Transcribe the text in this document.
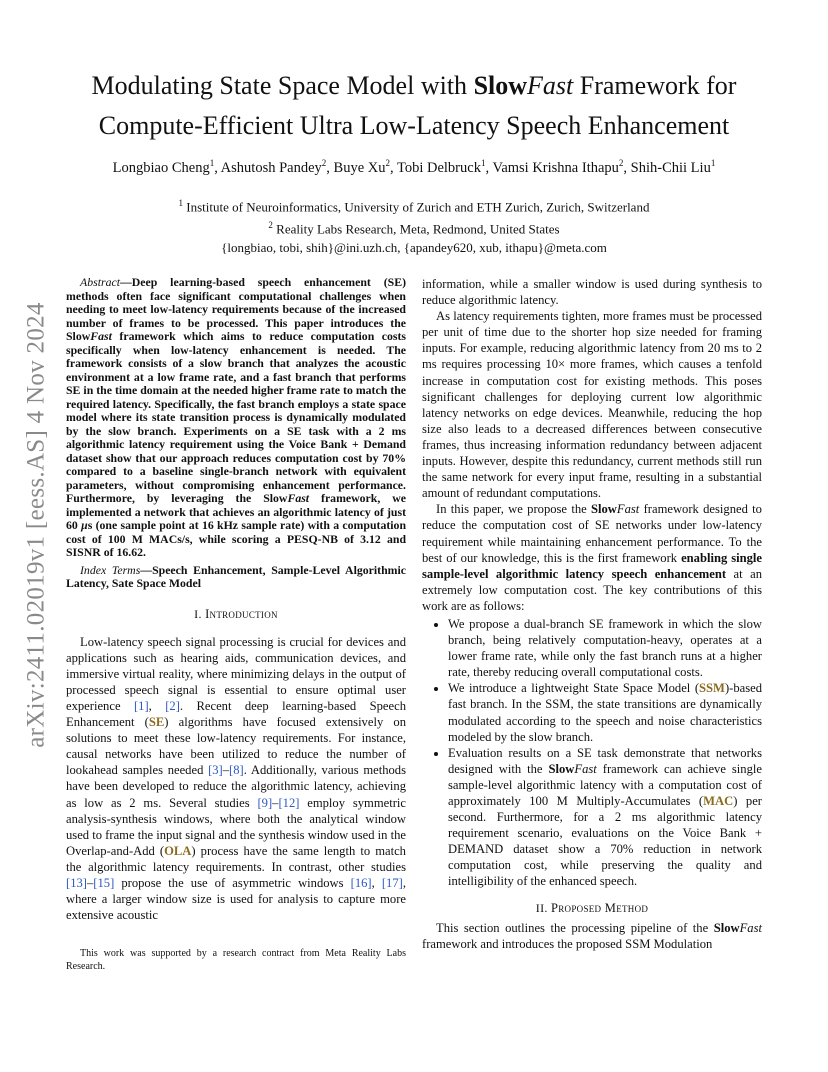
arXiv:2411.02019v1 [eess.AS] 4 Nov 2024
Modulating State Space Model with SlowFast Framework for
Compute-Efficient Ultra Low-Latency Speech Enhancement
Longbiao Cheng$^1$, Ashutosh Pandey$^2$, Buye Xu$^2$, Tobi Delbruck$^1$, Vamsi Krishna Ithapu$^2$, Shih-Chii Liu$^1$
$^1$ Institute of Neuroinformatics, University of Zurich and ETH Zurich, Zurich, Switzerland
$^2$ Reality Labs Research, Meta, Redmond, United States
{longbiao, tobi, shih}@ini.uzh.ch, {apandey620, xub, ithapu}@meta.com

Abstract—Deep learning-based speech enhancement (SE) methods often face significant computational challenges when needing to meet low-latency requirements because of the increased number of frames to be processed. This paper introduces the SlowFast framework which aims to reduce computation costs specifically when low-latency enhancement is needed. The framework consists of a slow branch that analyzes the acoustic environment at a low frame rate, and a fast branch that performs SE in the time domain at the needed higher frame rate to match the required latency. Specifically, the fast branch employs a state space model where its state transition process is dynamically modulated by the slow branch. Experiments on a SE task with a 2 ms algorithmic latency requirement using the Voice Bank + Demand dataset show that our approach reduces computation cost by 70% compared to a baseline single-branch network with equivalent parameters, without compromising enhancement performance. Furthermore, by leveraging the SlowFast framework, we implemented a network that achieves an algorithmic latency of just 60 μs (one sample point at 16 kHz sample rate) with a computation cost of 100 M MACs/s, while scoring a PESQ-NB of 3.12 and SISNR of 16.62.

Index Terms—Speech Enhancement, Sample-Level Algorithmic Latency, Sate Space Model

I. Introduction

Low-latency speech signal processing is crucial for devices and applications such as hearing aids, communication devices, and immersive virtual reality, where minimizing delays in the output of processed speech signal is essential to ensure optimal user experience [1], [2]. Recent deep learning-based Speech Enhancement (SE) algorithms have focused extensively on solutions to meet these low-latency requirements. For instance, causal networks have been utilized to reduce the number of lookahead samples needed [3]–[8]. Additionally, various methods have been developed to reduce the algorithmic latency, achieving as low as 2 ms. Several studies [9]–[12] employ symmetric analysis-synthesis windows, where both the analytical window used to frame the input signal and the synthesis window used in the Overlap-and-Add (OLA) process have the same length to match the algorithmic latency requirements. In contrast, other studies [13]–[15] propose the use of asymmetric windows [16], [17], where a larger window size is used for analysis to capture more extensive acoustic

This work was supported by a research contract from Meta Reality Labs Research.

information, while a smaller window is used during synthesis to reduce algorithmic latency.

As latency requirements tighten, more frames must be processed per unit of time due to the shorter hop size needed for framing inputs. For example, reducing algorithmic latency from 20 ms to 2 ms requires processing 10× more frames, which causes a tenfold increase in computation cost for existing methods. This poses significant challenges for deploying current low algorithmic latency networks on edge devices. Meanwhile, reducing the hop size also leads to a decreased differences between consecutive frames, thus increasing information redundancy between adjacent inputs. However, despite this redundancy, current methods still run the same network for every input frame, resulting in a substantial amount of redundant computations.

In this paper, we propose the SlowFast framework designed to reduce the computation cost of SE networks under low-latency requirement while maintaining enhancement performance. To the best of our knowledge, this is the first framework enabling single sample-level algorithmic latency speech enhancement at an extremely low computation cost. The key contributions of this work are as follows:

• We propose a dual-branch SE framework in which the slow branch, being relatively computation-heavy, operates at a lower frame rate, while only the fast branch runs at a higher rate, thereby reducing overall computational costs.
• We introduce a lightweight State Space Model (SSM)-based fast branch. In the SSM, the state transitions are dynamically modulated according to the speech and noise characteristics modeled by the slow branch.
• Evaluation results on a SE task demonstrate that networks designed with the SlowFast framework can achieve single sample-level algorithmic latency with a computation cost of approximately 100 M Multiply-Accumulates (MAC) per second. Furthermore, for a 2 ms algorithmic latency requirement scenario, evaluations on the Voice Bank + DEMAND dataset show a 70% reduction in network computation cost, while preserving the quality and intelligibility of the enhanced speech.
II. Proposed Method

This section outlines the processing pipeline of the SlowFast framework and introduces the proposed SSM Modulation
